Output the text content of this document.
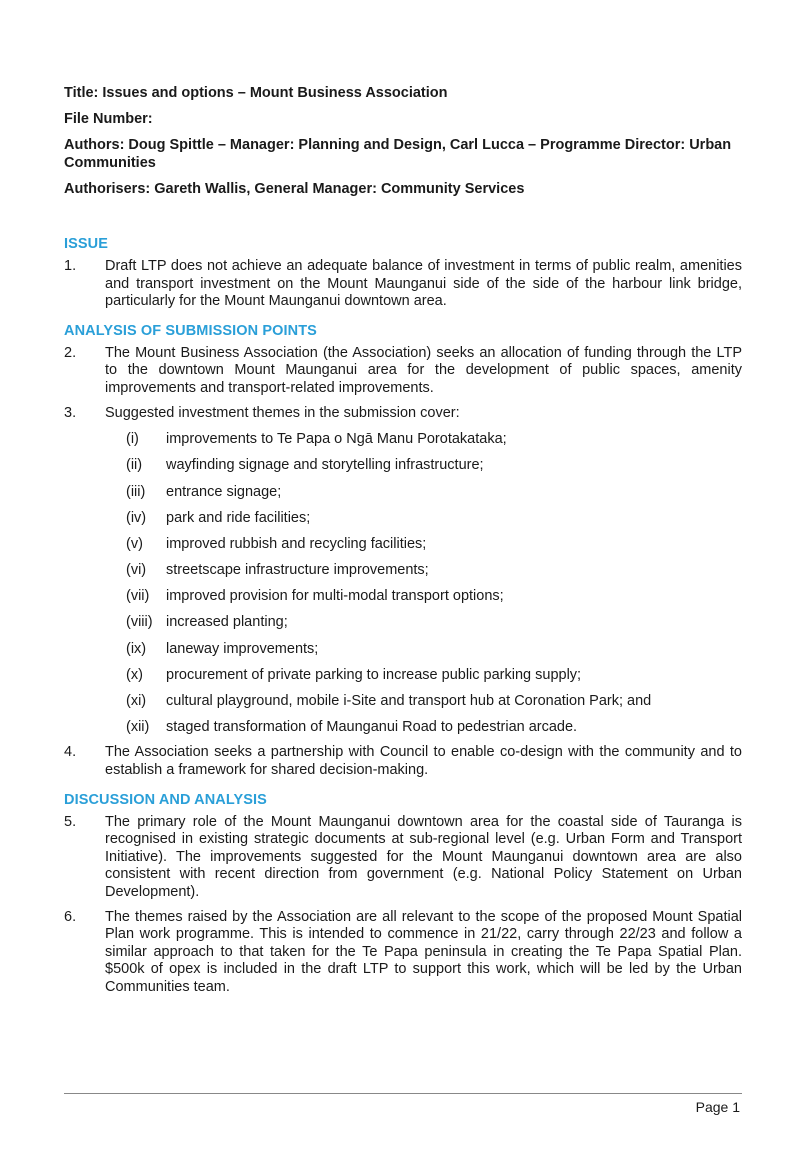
Title: Issues and options – Mount Business Association

File Number:

Authors: Doug Spittle – Manager: Planning and Design, Carl Lucca – Programme Director: Urban Communities

Authorisers: Gareth Wallis, General Manager: Community Services

ISSUE
1.	Draft LTP does not achieve an adequate balance of investment in terms of public realm, amenities and transport investment on the Mount Maunganui side of the side of the harbour link bridge, particularly for the Mount Maunganui downtown area.
ANALYSIS OF SUBMISSION POINTS
2.	The Mount Business Association (the Association) seeks an allocation of funding through the LTP to the downtown Mount Maunganui area for the development of public spaces, amenity improvements and transport-related improvements.
3.	Suggested investment themes in the submission cover:
(i)	improvements to Te Papa o Ngā Manu Porotakataka;
(ii)	wayfinding signage and storytelling infrastructure;
(iii)	entrance signage;
(iv)	park and ride facilities;
(v)	improved rubbish and recycling facilities;
(vi)	streetscape infrastructure improvements;
(vii)	improved provision for multi-modal transport options;
(viii) increased planting;
(ix)	laneway improvements;
(x)	procurement of private parking to increase public parking supply;
(xi)	cultural playground, mobile i-Site and transport hub at Coronation Park; and
(xii)	staged transformation of Maunganui Road to pedestrian arcade.
4.	The Association seeks a partnership with Council to enable co-design with the community and to establish a framework for shared decision-making.
DISCUSSION AND ANALYSIS
5.	The primary role of the Mount Maunganui downtown area for the coastal side of Tauranga is recognised in existing strategic documents at sub-regional level (e.g. Urban Form and Transport Initiative). The improvements suggested for the Mount Maunganui downtown area are also consistent with recent direction from government (e.g. National Policy Statement on Urban Development).
6.	The themes raised by the Association are all relevant to the scope of the proposed Mount Spatial Plan work programme. This is intended to commence in 21/22, carry through 22/23 and follow a similar approach to that taken for the Te Papa peninsula in creating the Te Papa Spatial Plan. $500k of opex is included in the draft LTP to support this work, which will be led by the Urban Communities team.
Page 1
